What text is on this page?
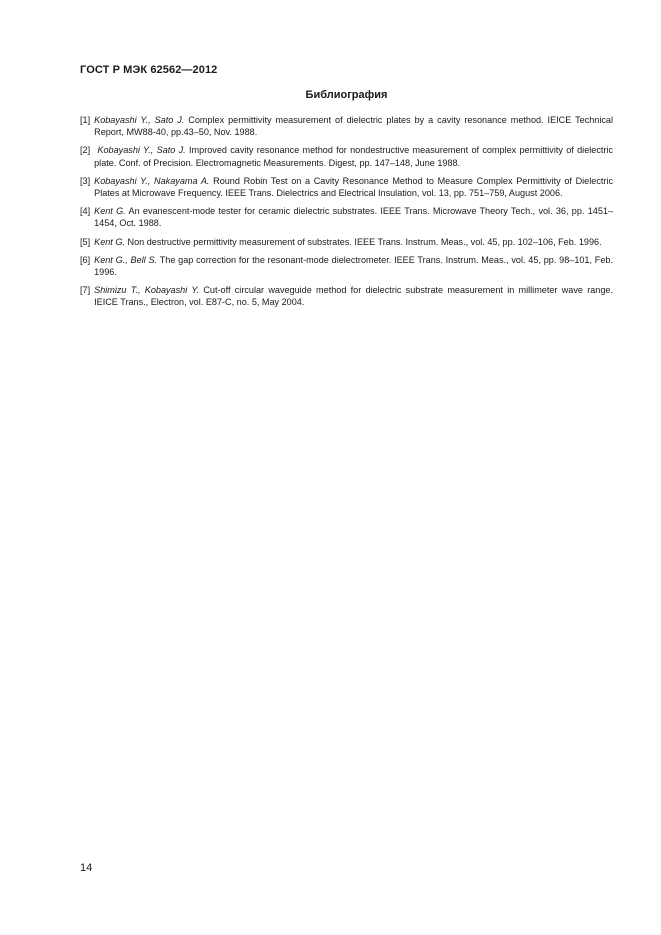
ГОСТ Р МЭК 62562—2012
Библиография
[1] Kobayashi Y., Sato J. Complex permittivity measurement of dielectric plates by a cavity resonance method. IEICE Technical Report, MW88-40, pp.43–50, Nov. 1988.
[2] Kobayashi Y., Sato J. Improved cavity resonance method for nondestructive measurement of complex permittivity of dielectric plate. Conf. of Precision. Electromagnetic Measurements. Digest, pp. 147–148, June 1988.
[3] Kobayashi Y., Nakayama A. Round Robin Test on a Cavity Resonance Method to Measure Complex Permittivity of Dielectric Plates at Microwave Frequency. IEEE Trans. Dielectrics and Electrical Insulation, vol. 13, pp. 751–759, August 2006.
[4] Kent G. An evanescent-mode tester for ceramic dielectric substrates. IEEE Trans. Microwave Theory Tech., vol. 36, pp. 1451–1454, Oct. 1988.
[5] Kent G. Non destructive permittivity measurement of substrates. IEEE Trans. Instrum. Meas., vol. 45, pp. 102–106, Feb. 1996.
[6] Kent G., Bell S. The gap correction for the resonant-mode dielectrometer. IEEE Trans. Instrum. Meas., vol. 45, pp. 98–101, Feb. 1996.
[7] Shimizu T., Kobayashi Y. Cut-off circular waveguide method for dielectric substrate measurement in millimeter wave range. IEICE Trans., Electron, vol. E87-C, no. 5, May 2004.
14
